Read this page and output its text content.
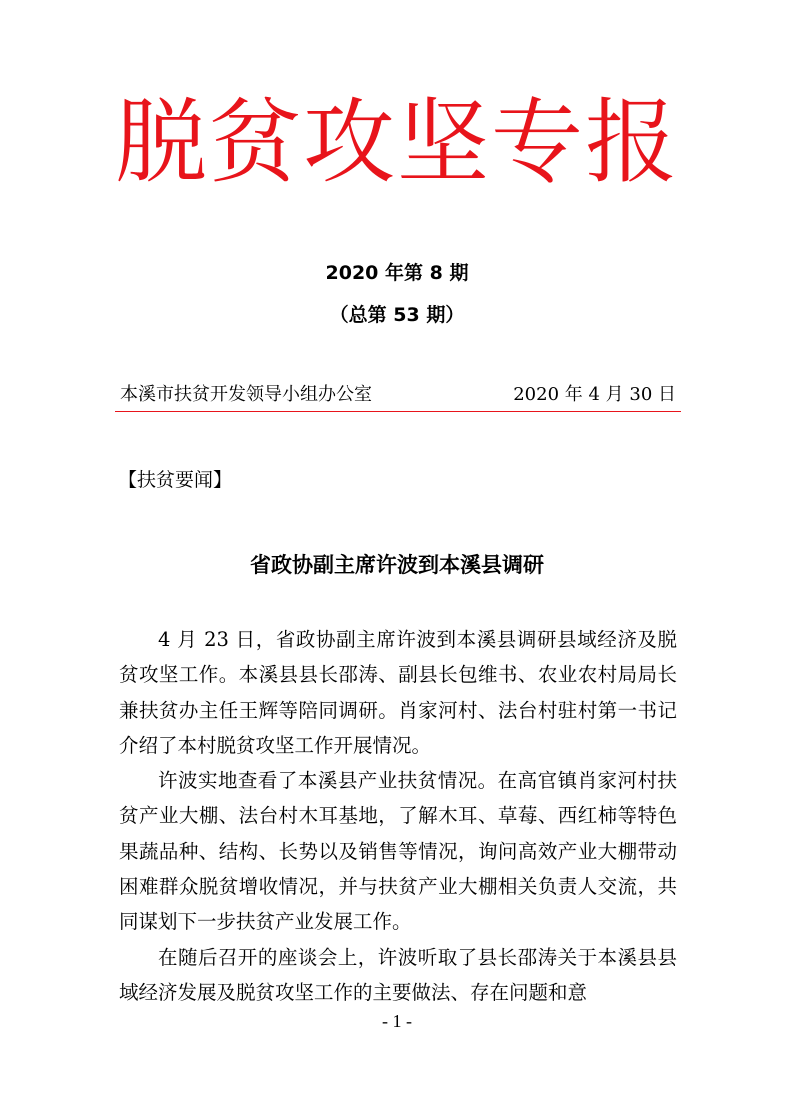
脱贫攻坚专报
2020 年第 8 期
（总第 53 期）
本溪市扶贫开发领导小组办公室	2020 年 4 月 30 日
【扶贫要闻】
省政协副主席许波到本溪县调研

4 月 23 日，省政协副主席许波到本溪县调研县域经济及脱贫攻坚工作。本溪县县长邵涛、副县长包维书、农业农村局局长兼扶贫办主任王辉等陪同调研。肖家河村、法台村驻村第一书记介绍了本村脱贫攻坚工作开展情况。

许波实地查看了本溪县产业扶贫情况。在高官镇肖家河村扶贫产业大棚、法台村木耳基地，了解木耳、草莓、西红柿等特色果蔬品种、结构、长势以及销售等情况，询问高效产业大棚带动困难群众脱贫增收情况，并与扶贫产业大棚相关负责人交流，共同谋划下一步扶贫产业发展工作。

在随后召开的座谈会上，许波听取了县长邵涛关于本溪县县域经济发展及脱贫攻坚工作的主要做法、存在问题和意

- 1 -
